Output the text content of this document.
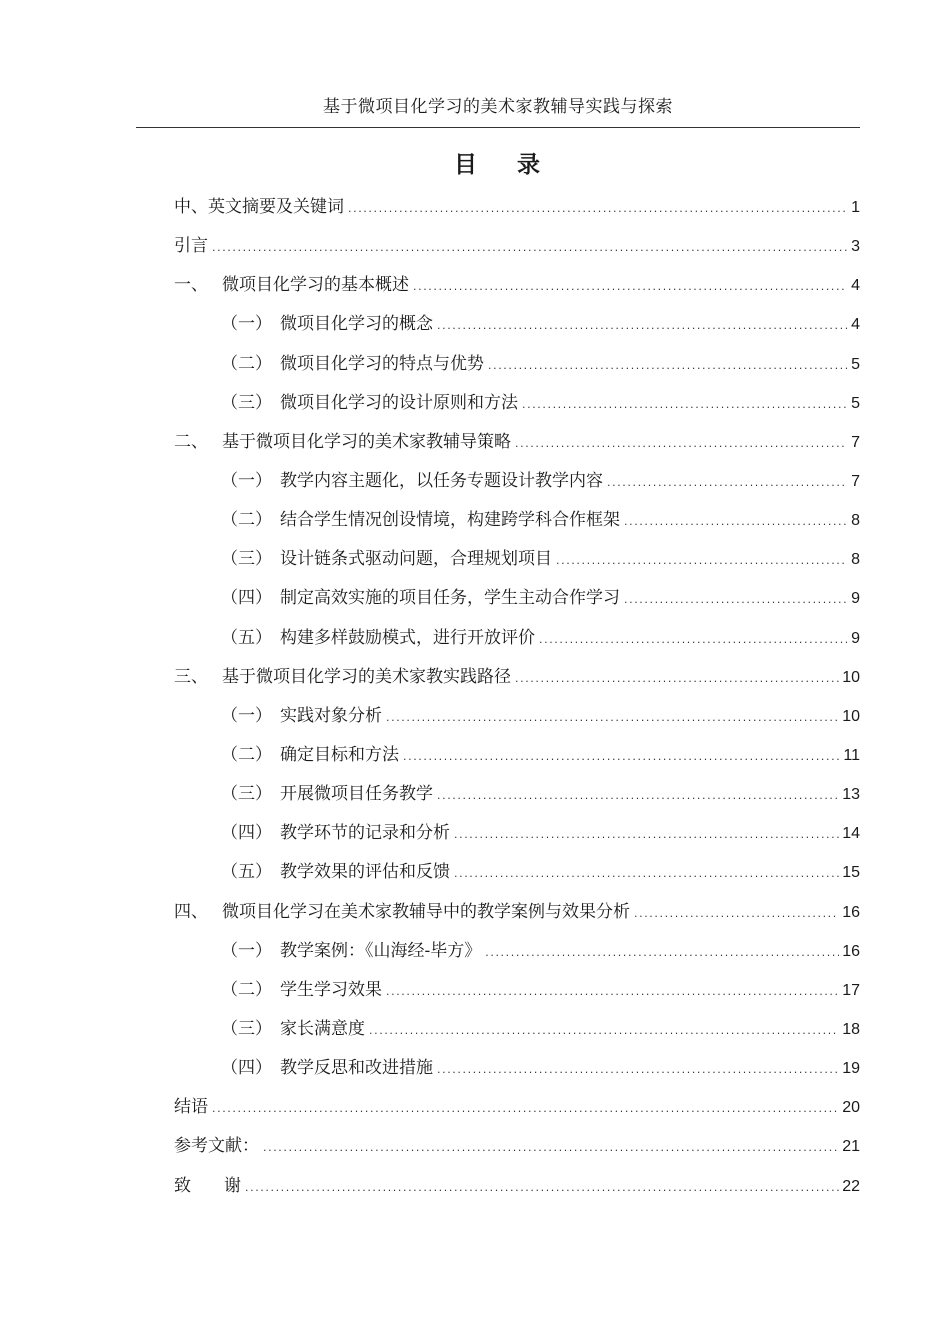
基于微项目化学习的美术家教辅导实践与探索
目 录
中、英文摘要及关键词 .....	1
引言 .....	3
一、 微项目化学习的基本概述 .....	4
（一） 微项目化学习的概念 .....	4
（二） 微项目化学习的特点与优势 .....	5
（三） 微项目化学习的设计原则和方法 .....	5
二、 基于微项目化学习的美术家教辅导策略 .....	7
（一） 教学内容主题化，以任务专题设计教学内容 .....	7
（二） 结合学生情况创设情境，构建跨学科合作框架 .....	8
（三） 设计链条式驱动问题，合理规划项目 .....	8
（四） 制定高效实施的项目任务，学生主动合作学习 .....	9
（五） 构建多样鼓励模式，进行开放评价 .....	9
三、 基于微项目化学习的美术家教实践路径 .....	10
（一） 实践对象分析 .....	10
（二） 确定目标和方法 .....	11
（三） 开展微项目任务教学 .....	13
（四） 教学环节的记录和分析 .....	14
（五） 教学效果的评估和反馈 .....	15
四、 微项目化学习在美术家教辅导中的教学案例与效果分析 .....	16
（一） 教学案例：《山海经-毕方》 .....	16
（二） 学生学习效果 .....	17
（三） 家长满意度 .....	18
（四） 教学反思和改进措施 .....	19
结语 .....	20
参考文献： .....	21
致	谢 .....	22
